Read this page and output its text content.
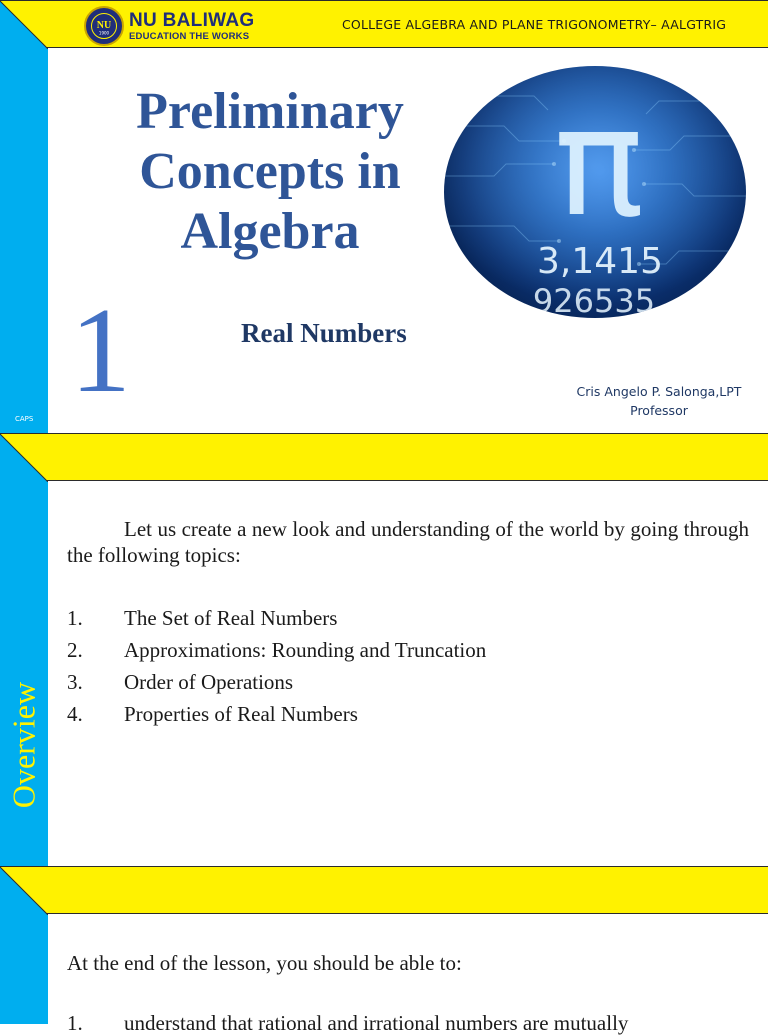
NU
1900
NU BALIWAG
EDUCATION THE WORKS
COLLEGE ALGEBRA AND PLANE TRIGONOMETRY– AALGTRIG
Preliminary
Concepts in
Algebra	π
3,1415
926535
1	Real Numbers
Cris Angelo P. Salonga,LPT
Professor
CAPS
Overview
Let us create a new look and understanding of the world by going through the following topics:
1.	The Set of Real Numbers
2.	Approximations: Rounding and Truncation
3.	Order of Operations
4.	Properties of Real Numbers
At the end of the lesson, you should be able to:
1.	understand that rational and irrational numbers are mutually
